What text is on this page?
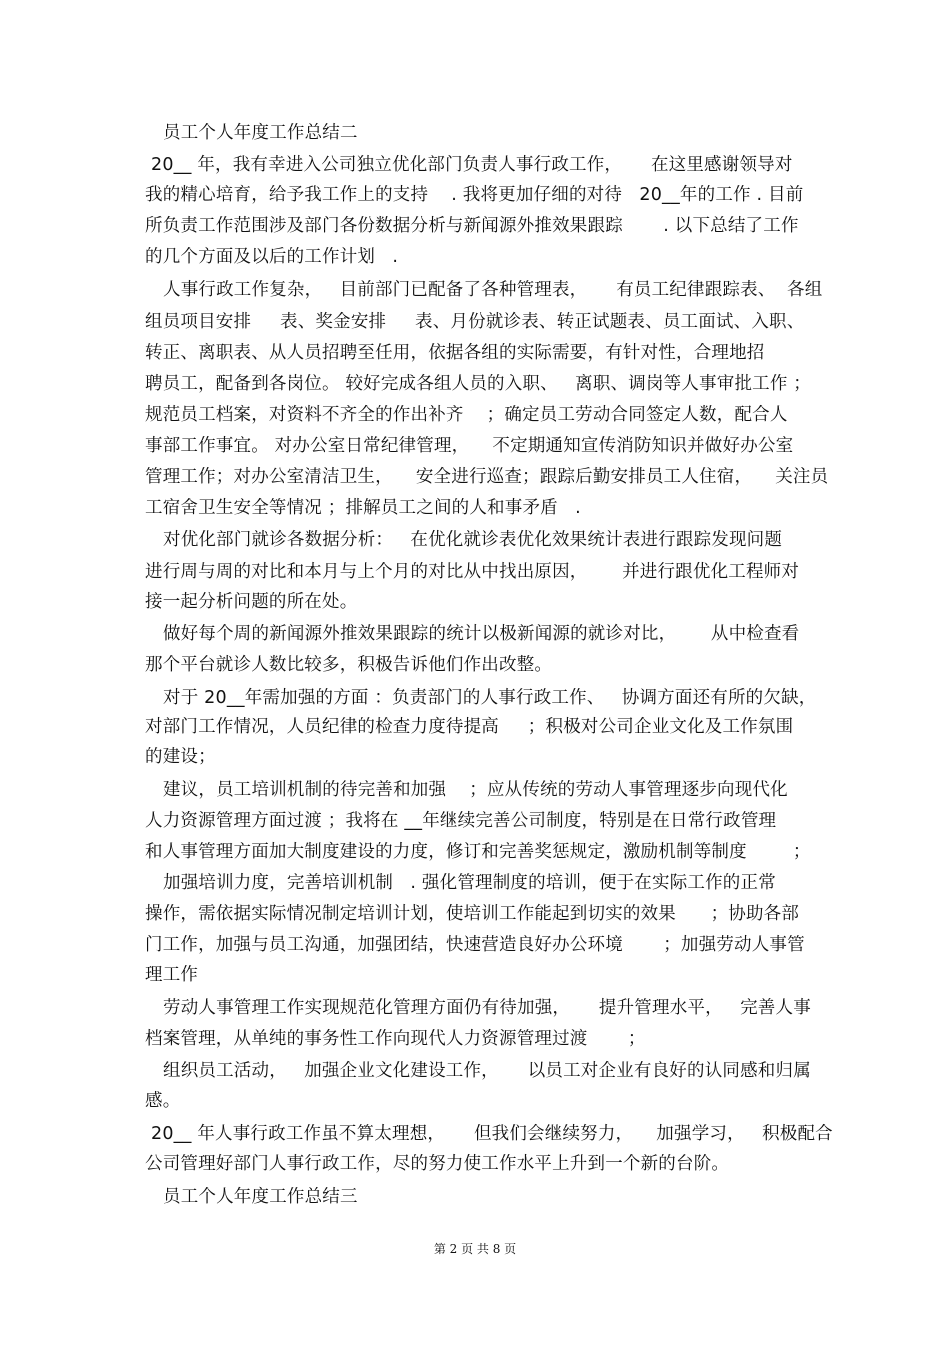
员工个人年度工作总结二
20__ 年，我有幸进入公司独立优化部门负责人事行政工作，     在这里感谢领导对
我的精心培育，给予我工作上的支持    . 我将更加仔细的对待   20__年的工作 . 目前
所负责工作范围涉及部门各份数据分析与新闻源外推效果跟踪       . 以下总结了工作
的几个方面及以后的工作计划   .
人事行政工作复杂，   目前部门已配备了各种管理表，     有员工纪律跟踪表、  各组
组员项目安排     表、奖金安排     表、月份就诊表、转正试题表、员工面试、入职、
转正、离职表、从人员招聘至任用，依据各组的实际需要，有针对性，合理地招
聘员工，配备到各岗位。 较好完成各组人员的入职、   离职、调岗等人事审批工作 ；
规范员工档案，对资料不齐全的作出补齐    ；确定员工劳动合同签定人数，配合人
事部工作事宜。 对办公室日常纪律管理，    不定期通知宣传消防知识并做好办公室
管理工作；对办公室清洁卫生，    安全进行巡查；跟踪后勤安排员工人住宿，    关注员
工宿舍卫生安全等情况 ；排解员工之间的人和事矛盾   .
对优化部门就诊各数据分析：   在优化就诊表优化效果统计表进行跟踪发现问题
进行周与周的对比和本月与上个月的对比从中找出原因，      并进行跟优化工程师对
接一起分析问题的所在处。
做好每个周的新闻源外推效果跟踪的统计以极新闻源的就诊对比，      从中检查看
那个平台就诊人数比较多，积极告诉他们作出改整。
对于 20__年需加强的方面 ：负责部门的人事行政工作、   协调方面还有所的欠缺，
对部门工作情况，人员纪律的检查力度待提高     ；积极对公司企业文化及工作氛围
的建设；
建议，员工培训机制的待完善和加强    ；应从传统的劳动人事管理逐步向现代化
人力资源管理方面过渡 ；我将在 __年继续完善公司制度，特别是在日常行政管理
和人事管理方面加大制度建设的力度，修订和完善奖惩规定，激励机制等制度        ；
加强培训力度，完善培训机制   . 强化管理制度的培训，便于在实际工作的正常
操作，需依据实际情况制定培训计划，使培训工作能起到切实的效果      ；协助各部
门工作，加强与员工沟通，加强团结，快速营造良好办公环境       ；加强劳动人事管
理工作
劳动人事管理工作实现规范化管理方面仍有待加强，     提升管理水平，   完善人事
档案管理，从单纯的事务性工作向现代人力资源管理过渡       ；
组织员工活动，   加强企业文化建设工作，     以员工对企业有良好的认同感和归属
感。
20__ 年人事行政工作虽不算太理想，     但我们会继续努力，    加强学习，   积极配合
公司管理好部门人事行政工作，尽的努力使工作水平上升到一个新的台阶。
员工个人年度工作总结三
第 2 页 共 8 页
